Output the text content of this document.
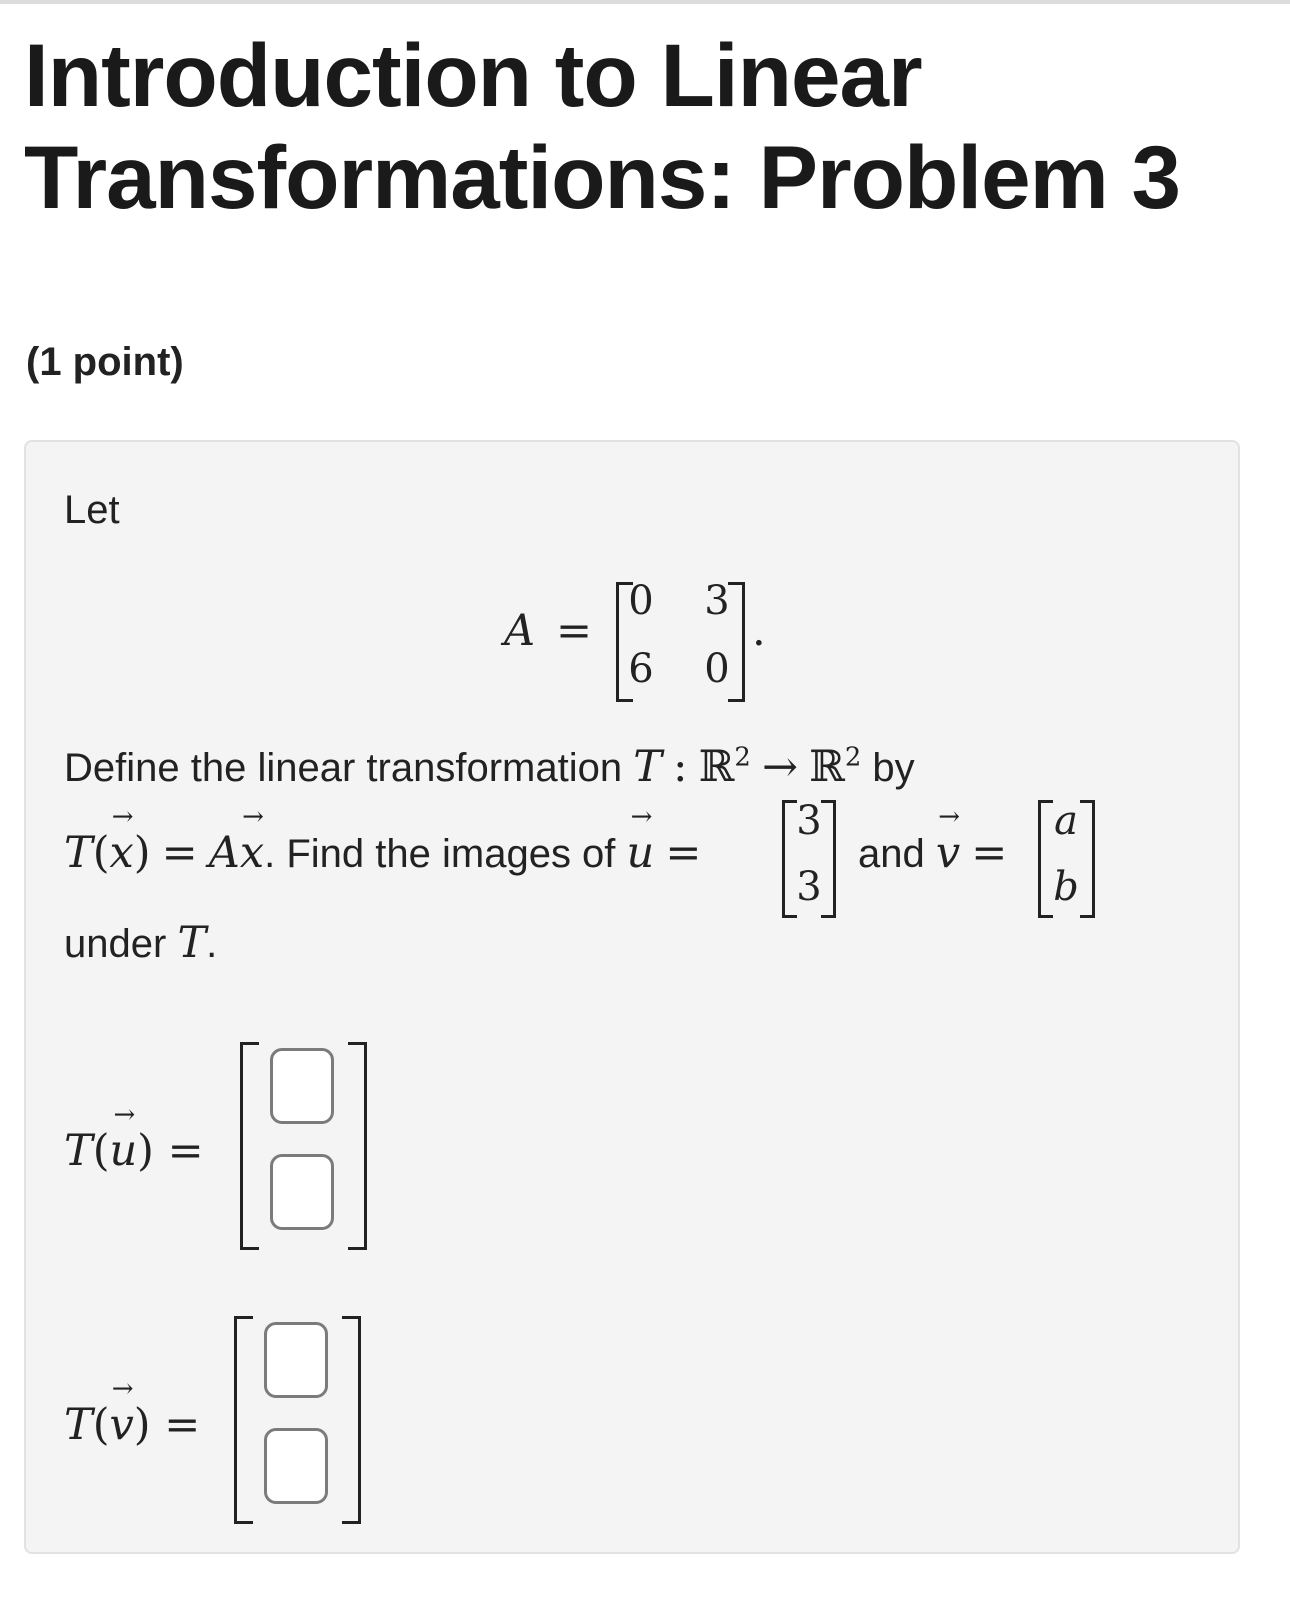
Introduction to Linear Transformations: Problem 3
(1 point)
Let
A =
0 3
6 0
.
Define the linear transformation T : ℝ$^2$ → ℝ$^2$ by
T(x →) = Ax →. Find the images of u → =
3
3
and v → =
a
b
under T.
T(u →) =
T(v →) =
